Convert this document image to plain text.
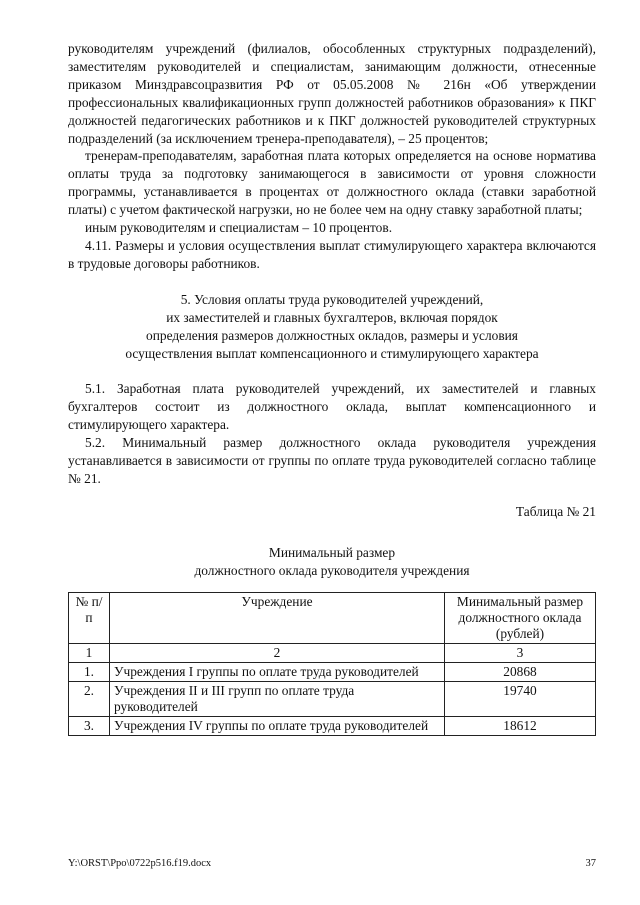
руководителям учреждений (филиалов, обособленных структурных подразделений), заместителям руководителей и специалистам, занимающим должности, отнесенные приказом Минздравсоцразвития РФ от 05.05.2008 № 216н «Об утверждении профессиональных квалификационных групп должностей работников образования» к ПКГ должностей педагогических работников и к ПКГ должностей руководителей структурных подразделений (за исключением тренера-преподавателя), – 25 процентов;

тренерам-преподавателям, заработная плата которых определяется на основе норматива оплаты труда за подготовку занимающегося в зависимости от уровня сложности программы, устанавливается в процентах от должностного оклада (ставки заработной платы) с учетом фактической нагрузки, но не более чем на одну ставку заработной платы;

иным руководителям и специалистам – 10 процентов.

4.11. Размеры и условия осуществления выплат стимулирующего характера включаются в трудовые договоры работников.

5. Условия оплаты труда руководителей учреждений,
их заместителей и главных бухгалтеров, включая порядок
определения размеров должностных окладов, размеры и условия
осуществления выплат компенсационного и стимулирующего характера

5.1. Заработная плата руководителей учреждений, их заместителей и главных бухгалтеров состоит из должностного оклада, выплат компенсационного и стимулирующего характера.

5.2. Минимальный размер должностного оклада руководителя учреждения устанавливается в зависимости от группы по оплате труда руководителей согласно таблице № 21.

Таблица № 21
Минимальный размер
должностного оклада руководителя учреждения
№ п/п	Учреждение	Минимальный размер должностного оклада (рублей)
1	2	3
1.	Учреждения I группы по оплате труда руководителей	20868
2.	Учреждения II и III групп по оплате труда руководителей	19740
3.	Учреждения IV группы по оплате труда руководителей	18612
Y:\ORST\Ppo\0722p516.f19.docx	37
